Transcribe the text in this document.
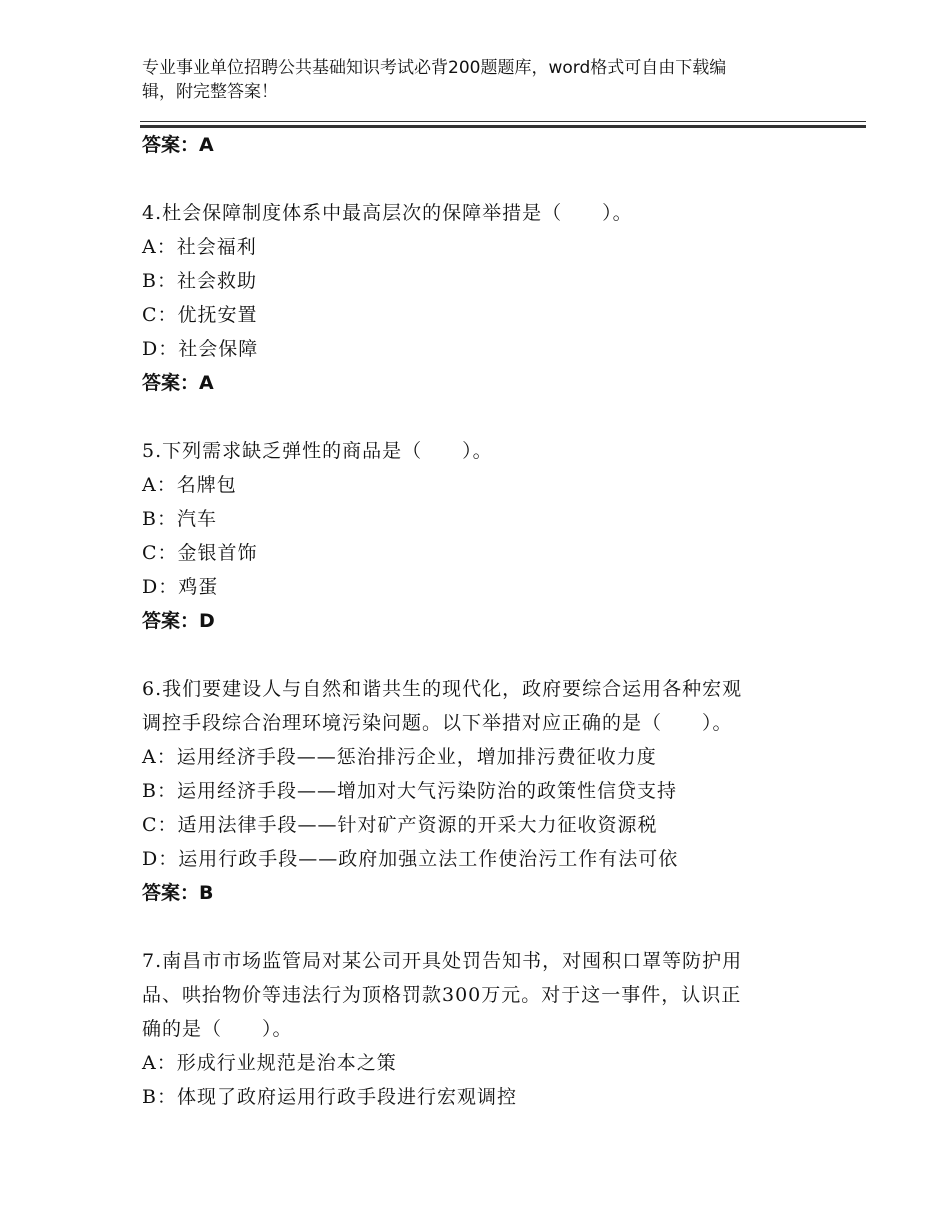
专业事业单位招聘公共基础知识考试必背200题题库，word格式可自由下载编
辑，附完整答案！
答案：A
4.杜会保障制度体系中最高层次的保障举措是（　　）。
A：社会福利
B：社会救助
C：优抚安置
D：社会保障
答案：A
5.下列需求缺乏弹性的商品是（　　）。
A：名牌包
B：汽车
C：金银首饰
D：鸡蛋
答案：D
6.我们要建设人与自然和谐共生的现代化，政府要综合运用各种宏观
调控手段综合治理环境污染问题。以下举措对应正确的是（　　）。
A：运用经济手段——惩治排污企业，增加排污费征收力度
B：运用经济手段——增加对大气污染防治的政策性信贷支持
C：适用法律手段——针对矿产资源的开采大力征收资源税
D：运用行政手段——政府加强立法工作使治污工作有法可依
答案：B
7.南昌市市场监管局对某公司开具处罚告知书，对囤积口罩等防护用
品、哄抬物价等违法行为顶格罚款300万元。对于这一事件，认识正
确的是（　　）。
A：形成行业规范是治本之策
B：体现了政府运用行政手段进行宏观调控
